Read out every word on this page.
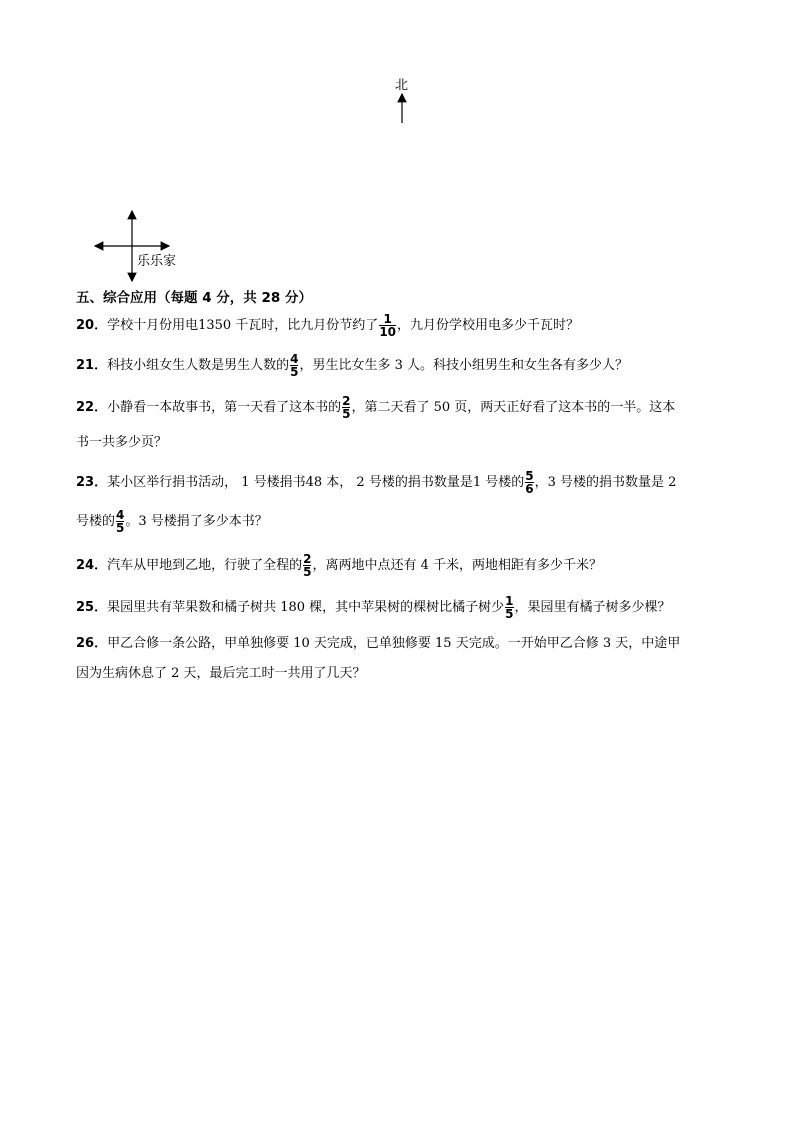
北
乐乐家
五、综合应用（每题 4 分，共 28 分）
20．学校十月份用电1350 千瓦时，比九月份节约了 $\frac{1}{10}$ ，九月份学校用电多少千瓦时？
21．科技小组女生人数是男生人数的 $\frac{4}{5}$ ，男生比女生多 3 人。科技小组男生和女生各有多少人？
22．小静看一本故事书，第一天看了这本书的 $\frac{2}{5}$ ，第二天看了 50 页，两天正好看了这本书的一半。这本
书一共多少页？
23．某小区举行捐书活动， 1 号楼捐书48 本， 2 号楼的捐书数量是1 号楼的 $\frac{5}{6}$ ，3 号楼的捐书数量是 2
号楼的 $\frac{4}{5}$ 。3 号楼捐了多少本书？
24．汽车从甲地到乙地，行驶了全程的 $\frac{2}{5}$ ，离两地中点还有 4 千米，两地相距有多少千米？
25．果园里共有苹果数和橘子树共 180 棵，其中苹果树的棵树比橘子树少 $\frac{1}{5}$ ，果园里有橘子树多少棵？
26．甲乙合修一条公路，甲单独修要 10 天完成，已单独修要 15 天完成。一开始甲乙合修 3 天，中途甲
因为生病休息了 2 天，最后完工时一共用了几天？
